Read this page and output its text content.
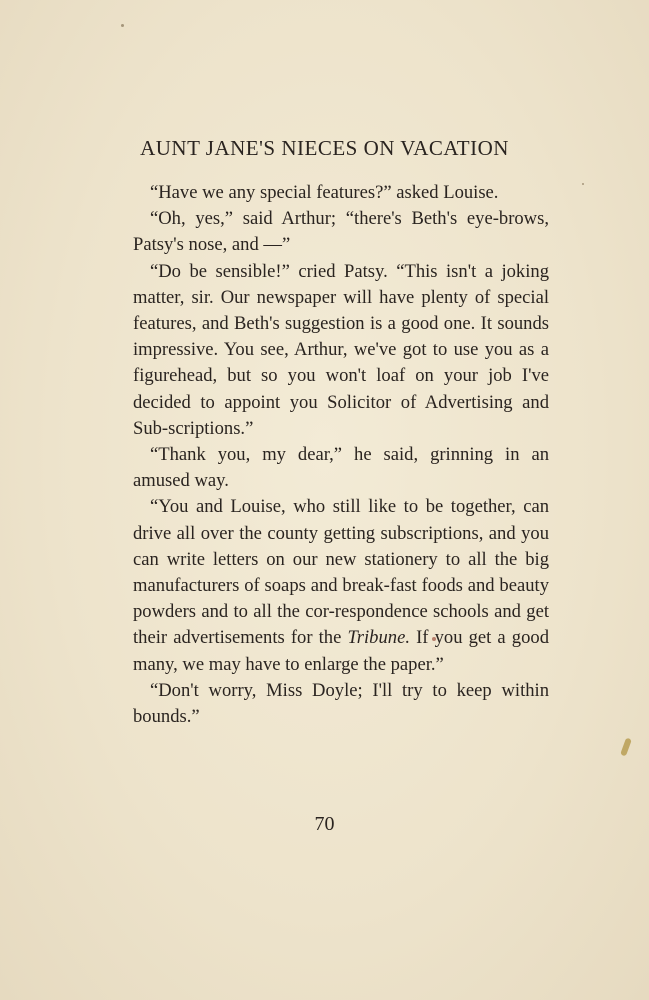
AUNT JANE'S NIECES ON VACATION

“Have we any special features?” asked Louise.

“Oh, yes,” said Arthur; “there's Beth's eye-brows, Patsy's nose, and —”

“Do be sensible!” cried Patsy. “This isn't a joking matter, sir. Our newspaper will have plenty of special features, and Beth's suggestion is a good one. It sounds impressive. You see, Arthur, we've got to use you as a figurehead, but so you won't loaf on your job I've decided to appoint you Solicitor of Advertising and Sub-scriptions.”

“Thank you, my dear,” he said, grinning in an amused way.

“You and Louise, who still like to be together, can drive all over the county getting subscriptions, and you can write letters on our new stationery to all the big manufacturers of soaps and break-fast foods and beauty powders and to all the cor-respondence schools and get their advertisements for the Tribune. If you get a good many, we may have to enlarge the paper.”

“Don't worry, Miss Doyle; I'll try to keep within bounds.”

70
